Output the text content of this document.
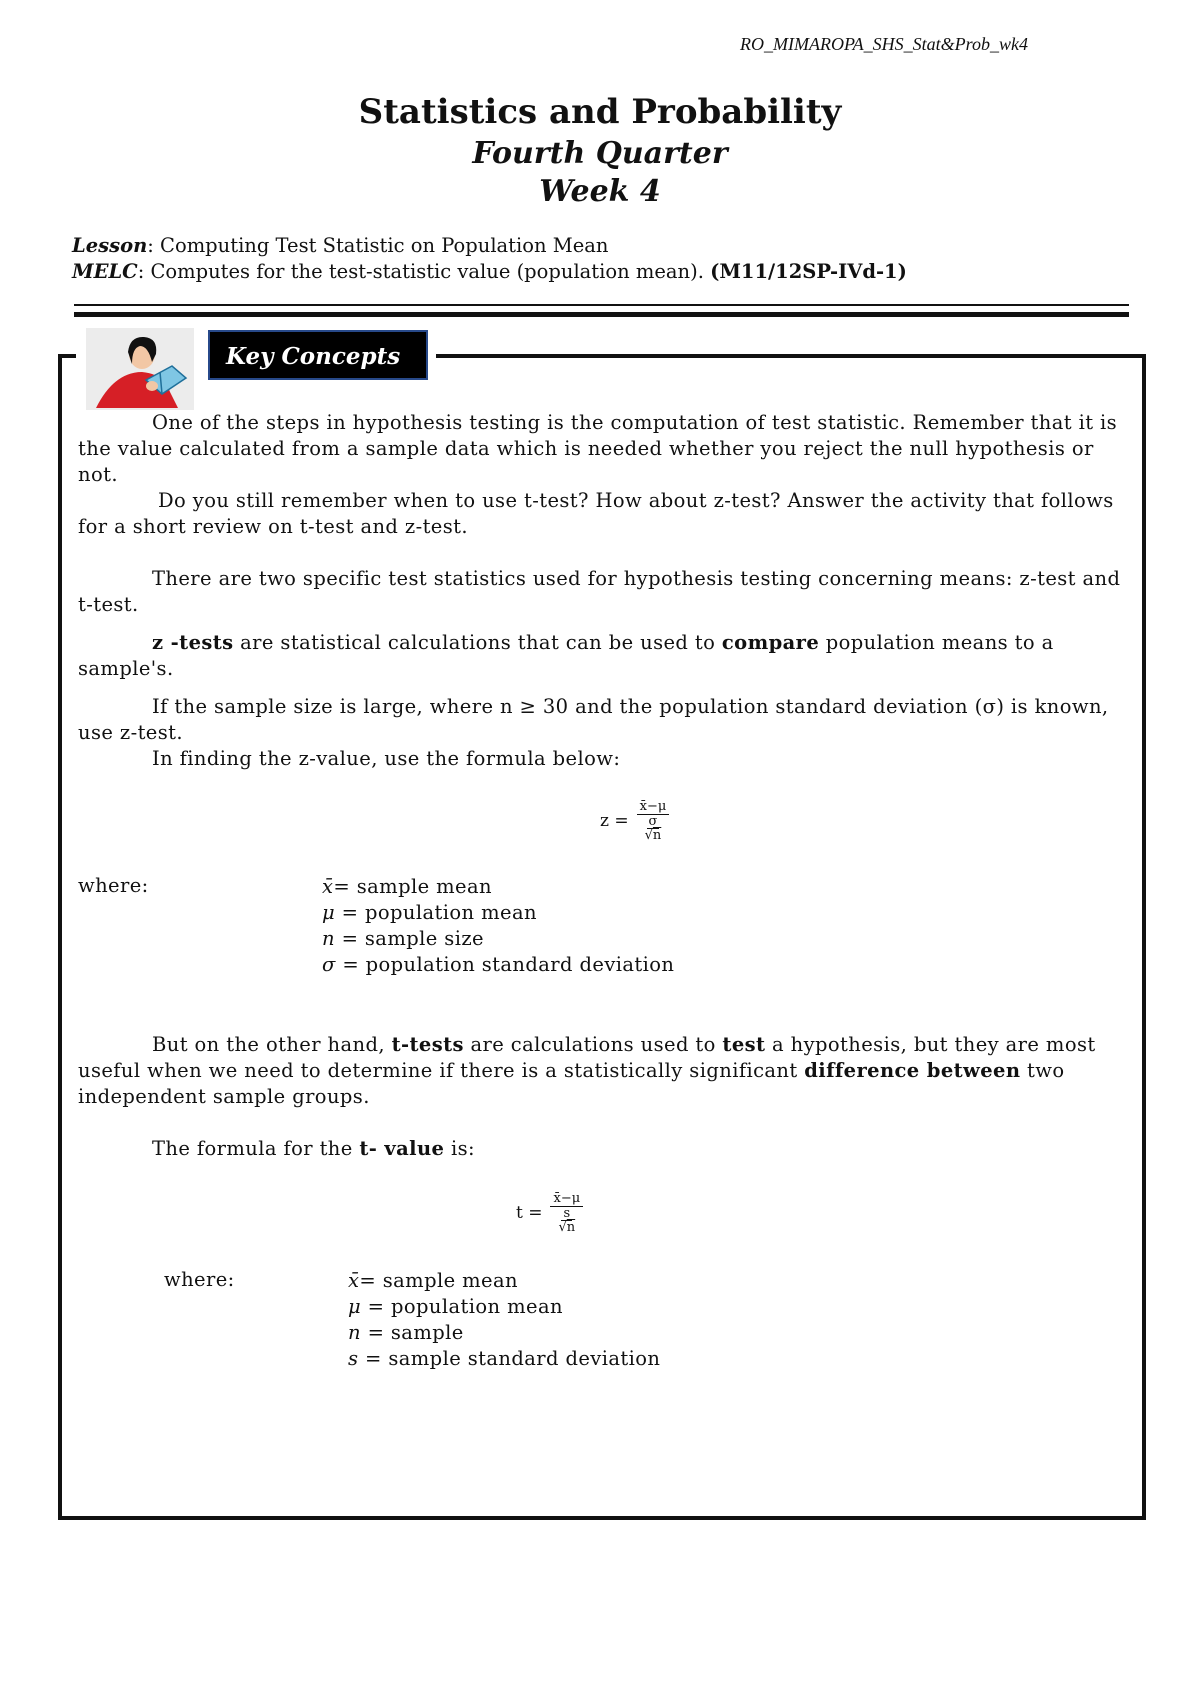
RO_MIMAROPA_SHS_Stat&Prob_wk4
Statistics and Probability
Fourth Quarter
Week 4
Lesson: Computing Test Statistic on Population Mean
MELC: Computes for the test-statistic value (population mean). (M11/12SP-IVd-1)
Key Concepts
One of the steps in hypothesis testing is the computation of test statistic. Remember that it is the value calculated from a sample data which is needed whether you reject the null hypothesis or not.
Do you still remember when to use t-test? How about z-test? Answer the activity that follows for a short review on t-test and z-test.
There are two specific test statistics used for hypothesis testing concerning means: z-test and t-test.
z -tests are statistical calculations that can be used to compare population means to a sample's.
If the sample size is large, where n ≥ 30 and the population standard deviation (σ) is known, use z-test.
In finding the z-value, use the formula below:
z = x̄−μ
σ
√n
where:	x̄= sample mean
μ = population mean
n = sample size
σ = population standard deviation
But on the other hand, t-tests are calculations used to test a hypothesis, but they are most useful when we need to determine if there is a statistically significant difference between two independent sample groups.
The formula for the t- value is:
t = x̄−μ
s
√n
where:	x̄= sample mean
μ = population mean
n = sample
s = sample standard deviation
